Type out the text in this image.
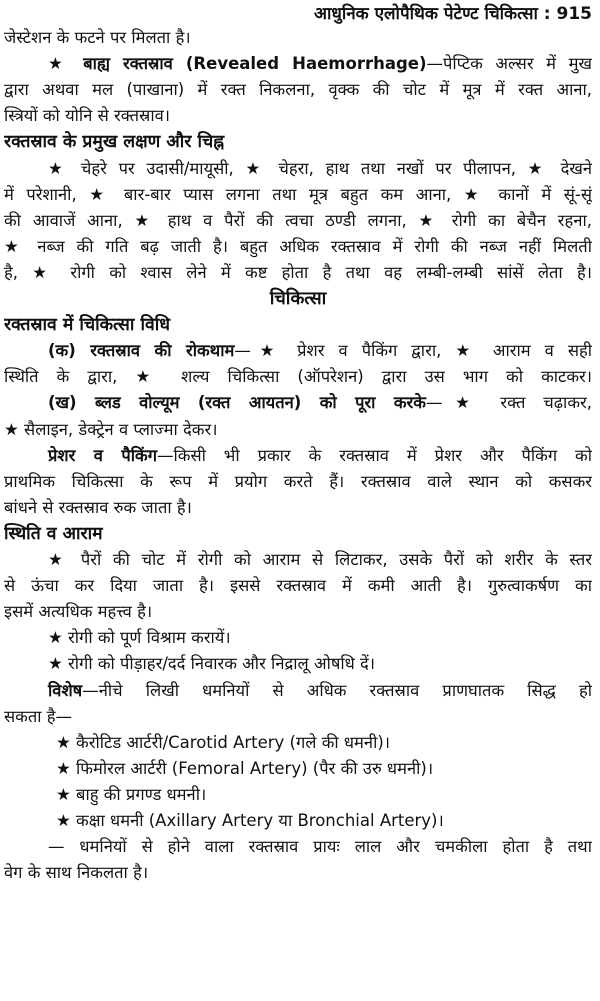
आधुनिक एलोपैथिक पेटेण्ट चिकित्सा : 915
जेस्टेशन के फटने पर मिलता है।
★ बाह्य रक्तस्राव (Revealed Haemorrhage)—पेप्टिक अल्सर में मुख
द्वारा अथवा मल (पाखाना) में रक्त निकलना, वृक्क की चोट में मूत्र में रक्त आना,
स्त्रियों को योनि से रक्तस्राव।
रक्तस्राव के प्रमुख लक्षण और चिह्न
★ चेहरे पर उदासी/मायूसी, ★ चेहरा, हाथ तथा नखों पर पीलापन, ★ देखने
में परेशानी, ★ बार-बार प्यास लगना तथा मूत्र बहुत कम आना, ★ कानों में सूं-सूं
की आवाजें आना, ★ हाथ व पैरों की त्वचा ठण्डी लगना, ★ रोगी का बेचैन रहना,
★ नब्ज की गति बढ़ जाती है। बहुत अधिक रक्तस्राव में रोगी की नब्ज नहीं मिलती
है, ★ रोगी को श्वास लेने में कष्ट होता है तथा वह लम्बी-लम्बी सांसें लेता है।
चिकित्सा
रक्तस्राव में चिकित्सा विधि
(क) रक्तस्राव की रोकथाम—★ प्रेशर व पैकिंग द्वारा, ★ आराम व सही
स्थिति के द्वारा, ★ शल्य चिकित्सा (ऑपरेशन) द्वारा उस भाग को काटकर।
(ख) ब्लड वोल्यूम (रक्त आयतन) को पूरा करके—★ रक्त चढ़ाकर,
★ सैलाइन, डेक्ट्रेन व प्लाज्मा देकर।
प्रेशर व पैकिंग—किसी भी प्रकार के रक्तस्राव में प्रेशर और पैकिंग को
प्राथमिक चिकित्सा के रूप में प्रयोग करते हैं। रक्तस्राव वाले स्थान को कसकर
बांधने से रक्तस्राव रुक जाता है।
स्थिति व आराम
★ पैरों की चोट में रोगी को आराम से लिटाकर, उसके पैरों को शरीर के स्तर
से ऊंचा कर दिया जाता है। इससे रक्तस्राव में कमी आती है। गुरुत्वाकर्षण का
इसमें अत्यधिक महत्त्व है।
★ रोगी को पूर्ण विश्राम करायें।
★ रोगी को पीड़ाहर/दर्द निवारक और निद्रालू ओषधि दें।
विशेष—नीचे लिखी धमनियों से अधिक रक्तस्राव प्राणघातक सिद्ध हो
सकता है—
★ कैरोटिड आर्टरी/Carotid Artery (गले की धमनी)।
★ फिमोरल आर्टरी (Femoral Artery) (पैर की उरु धमनी)।
★ बाहु की प्रगण्ड धमनी।
★ कक्षा धमनी (Axillary Artery या Bronchial Artery)।
— धमनियों से होने वाला रक्तस्राव प्रायः लाल और चमकीला होता है तथा
वेग के साथ निकलता है।
